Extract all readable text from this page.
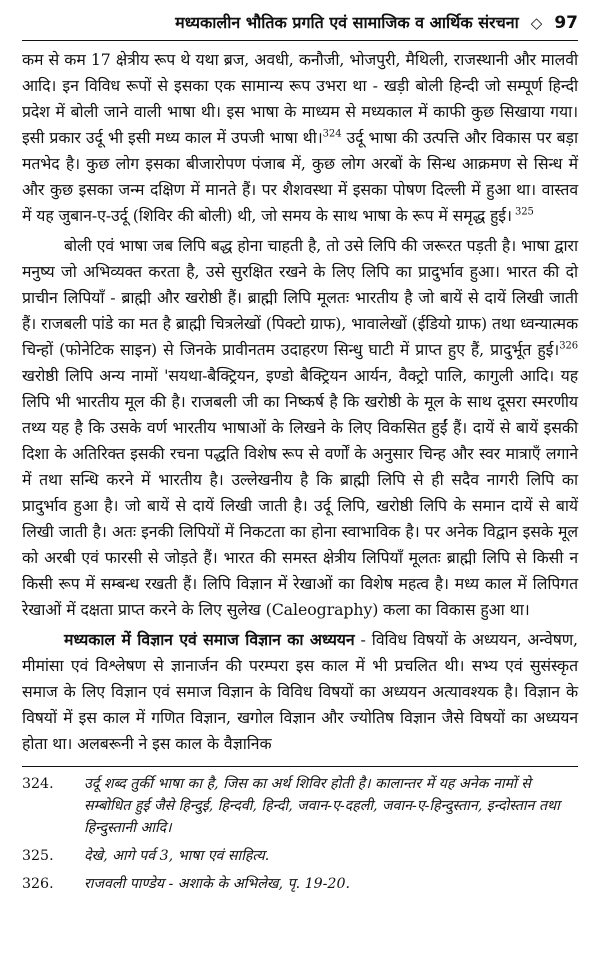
मध्यकालीन भौतिक प्रगति एवं सामाजिक व आर्थिक संरचना ◇ 97

कम से कम 17 क्षेत्रीय रूप थे यथा ब्रज, अवधी, कनौजी, भोजपुरी, मैथिली, राजस्थानी और मालवी आदि। इन विविध रूपों से इसका एक सामान्य रूप उभरा था - खड़ी बोली हिन्दी जो सम्पूर्ण हिन्दी प्रदेश में बोली जाने वाली भाषा थी। इस भाषा के माध्यम से मध्यकाल में काफी कुछ सिखाया गया। इसी प्रकार उर्दू भी इसी मध्य काल में उपजी भाषा थी।$^{324}$ उर्दू भाषा की उत्पत्ति और विकास पर बड़ा मतभेद है। कुछ लोग इसका बीजारोपण पंजाब में, कुछ लोग अरबों के सिन्ध आक्रमण से सिन्ध में और कुछ इसका जन्म दक्षिण में मानते हैं। पर शैशवस्था में इसका पोषण दिल्ली में हुआ था। वास्तव में यह जुबान-ए-उर्दू (शिविर की बोली) थी, जो समय के साथ भाषा के रूप में समृद्ध हुई। $^{325}$

बोली एवं भाषा जब लिपि बद्ध होना चाहती है, तो उसे लिपि की जरूरत पड़ती है। भाषा द्वारा मनुष्य जो अभिव्यक्त करता है, उसे सुरक्षित रखने के लिए लिपि का प्रादुर्भाव हुआ। भारत की दो प्राचीन लिपियाँ - ब्राह्मी और खरोष्ठी हैं। ब्राह्मी लिपि मूलतः भारतीय है जो बायें से दायें लिखी जाती हैं। राजबली पांडे का मत है ब्राह्मी चित्रलेखों (पिक्टो ग्राफ), भावालेखों (ईडियो ग्राफ) तथा ध्वन्यात्मक चिन्हों (फोनेटिक साइन) से जिनके प्रावीनतम उदाहरण सिन्धु घाटी में प्राप्त हुए हैं, प्रादुर्भूत हुई।$^{326}$ खरोष्ठी लिपि अन्य नामों 'सयथा-बैक्ट्रियन, इण्डो बैक्ट्रियन आर्यन, वैक्ट्रो पालि, कागुली आदि। यह लिपि भी भारतीय मूल की है। राजबली जी का निष्कर्ष है कि खरोष्ठी के मूल के साथ दूसरा स्मरणीय तथ्य यह है कि उसके वर्ण भारतीय भाषाओं के लिखने के लिए विकसित हुईं हैं। दायें से बायें इसकी दिशा के अतिरिक्त इसकी रचना पद्धति विशेष रूप से वर्णों के अनुसार चिन्ह और स्वर मात्राएँ लगाने में तथा सन्धि करने में भारतीय है। उल्लेखनीय है कि ब्राह्मी लिपि से ही सदैव नागरी लिपि का प्रादुर्भाव हुआ है। जो बायें से दायें लिखी जाती है। उर्दू लिपि, खरोष्ठी लिपि के समान दायें से बायें लिखी जाती है। अतः इनकी लिपियों में निकटता का होना स्वाभाविक है। पर अनेक विद्वान इसके मूल को अरबी एवं फारसी से जोड़ते हैं। भारत की समस्त क्षेत्रीय लिपियाँ मूलतः ब्राह्मी लिपि से किसी न किसी रूप में सम्बन्ध रखती हैं। लिपि विज्ञान में रेखाओं का विशेष महत्व है। मध्य काल में लिपिगत रेखाओं में दक्षता प्राप्त करने के लिए सुलेख (Caleography) कला का विकास हुआ था।

मध्यकाल में विज्ञान एवं समाज विज्ञान का अध्ययन - विविध विषयों के अध्ययन, अन्वेषण, मीमांसा एवं विश्लेषण से ज्ञानार्जन की परम्परा इस काल में भी प्रचलित थी। सभ्य एवं सुसंस्कृत समाज के लिए विज्ञान एवं समाज विज्ञान के विविध विषयों का अध्ययन अत्यावश्यक है। विज्ञान के विषयों में इस काल में गणित विज्ञान, खगोल विज्ञान और ज्योतिष विज्ञान जैसे विषयों का अध्ययन होता था। अलबरूनी ने इस काल के वैज्ञानिक

324.	उर्दू शब्द तुर्की भाषा का है, जिस का अर्थ शिविर होती है। कालान्तर में यह अनेक नामों से सम्बोधित हुई जैसे हिन्दुई, हिन्दवी, हिन्दी, जवान-ए-दहली, जवान-ए-हिन्दुस्तान, इन्दोस्तान तथा हिन्दुस्तानी आदि।
325.	देखे, आगे पर्व 3, भाषा एवं साहित्य.
326.	राजवली पाण्डेय - अशाके के अभिलेख, पृ. 19-20.
